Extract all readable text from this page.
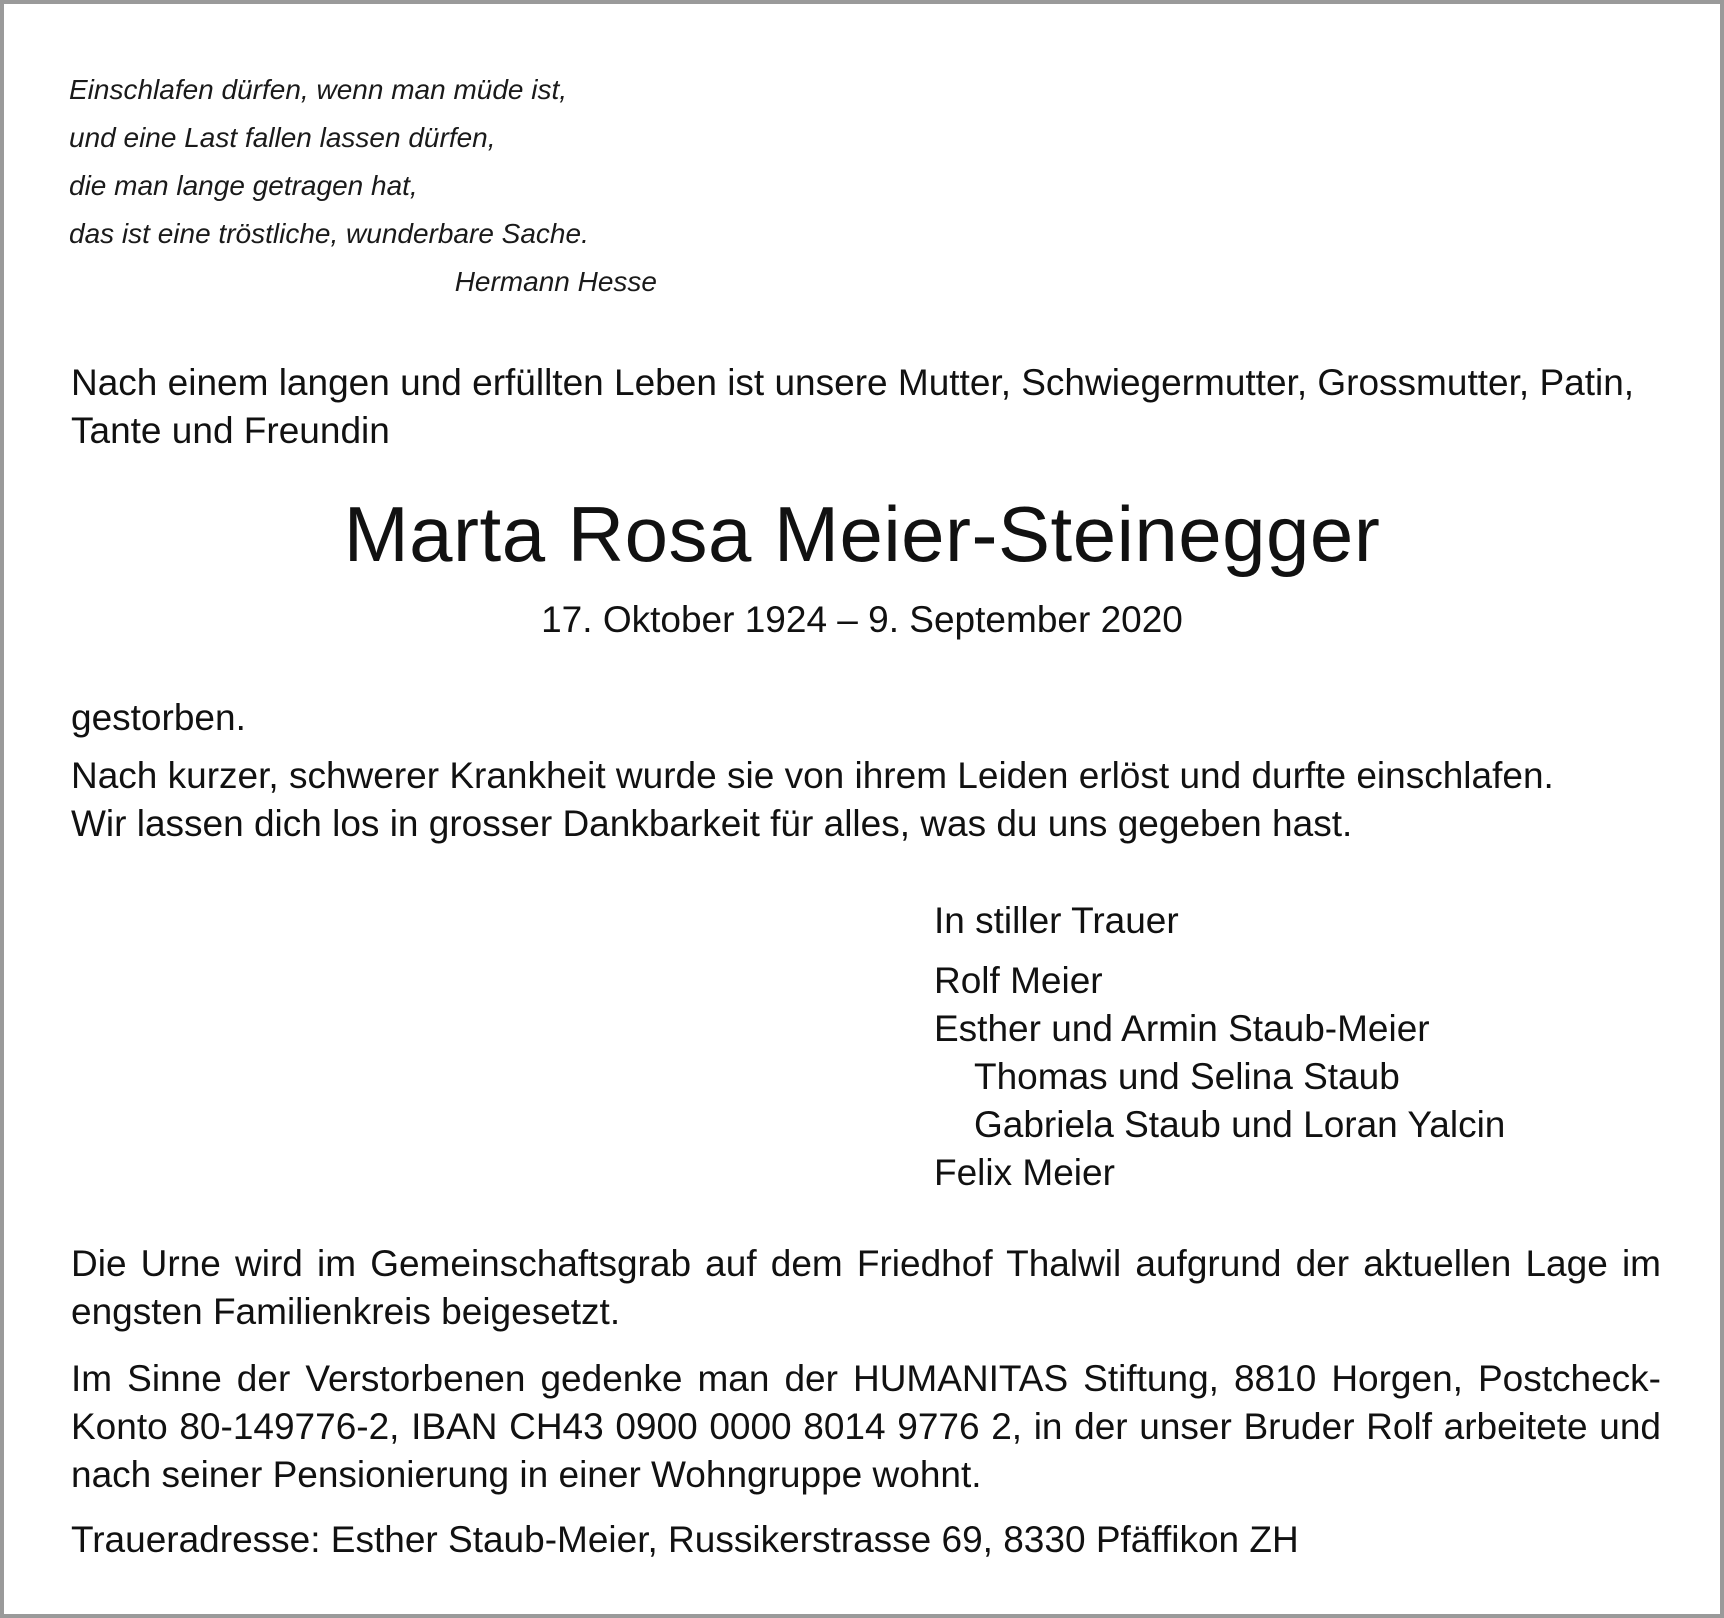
Einschlafen dürfen, wenn man müde ist,
und eine Last fallen lassen dürfen,
die man lange getragen hat,
das ist eine tröstliche, wunderbare Sache.
Hermann Hesse
Nach einem langen und erfüllten Leben ist unsere Mutter, Schwiegermutter, Grossmutter, Patin, Tante und Freundin
Marta Rosa Meier-Steinegger
17. Oktober 1924 – 9. September 2020
gestorben.
Nach kurzer, schwerer Krankheit wurde sie von ihrem Leiden erlöst und durfte einschlafen.
Wir lassen dich los in grosser Dankbarkeit für alles, was du uns gegeben hast.
In stiller Trauer
Rolf Meier
Esther und Armin Staub-Meier
Thomas und Selina Staub
Gabriela Staub und Loran Yalcin
Felix Meier
Die Urne wird im Gemeinschaftsgrab auf dem Friedhof Thalwil aufgrund der aktuellen Lage im engsten Familienkreis beigesetzt.
Im Sinne der Verstorbenen gedenke man der HUMANITAS Stiftung, 8810 Horgen, Postcheck-Konto 80-149776-2, IBAN CH43 0900 0000 8014 9776 2, in der unser Bruder Rolf arbeitete und nach seiner Pensionierung in einer Wohngruppe wohnt.
Traueradresse: Esther Staub-Meier, Russikerstrasse 69, 8330 Pfäffikon ZH
